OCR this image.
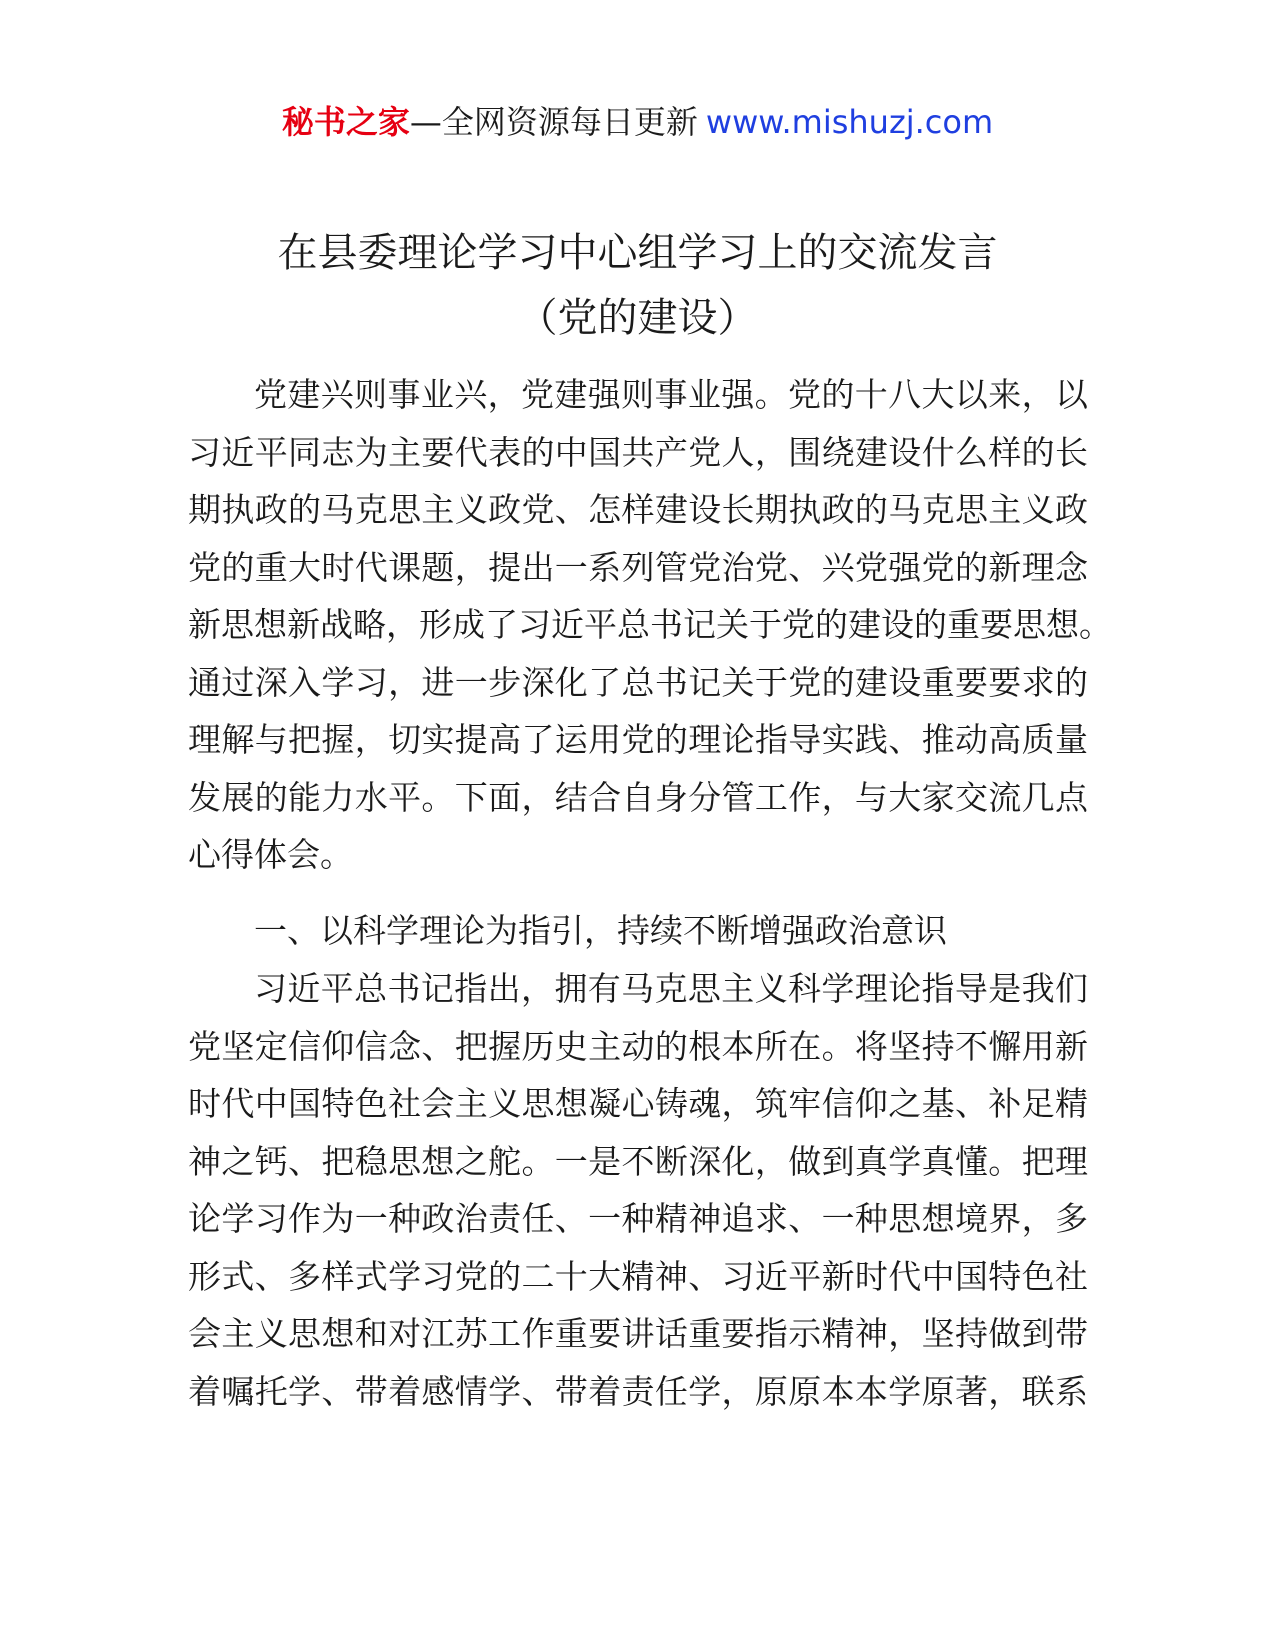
秘书之家—全网资源每日更新 www.mishuzj.com
在县委理论学习中心组学习上的交流发言
（党的建设）
党建兴则事业兴，党建强则事业强。党的十八大以来，以
习近平同志为主要代表的中国共产党人，围绕建设什么样的长
期执政的马克思主义政党、怎样建设长期执政的马克思主义政
党的重大时代课题，提出一系列管党治党、兴党强党的新理念
新思想新战略，形成了习近平总书记关于党的建设的重要思想。
通过深入学习，进一步深化了总书记关于党的建设重要要求的
理解与把握，切实提高了运用党的理论指导实践、推动高质量
发展的能力水平。下面，结合自身分管工作，与大家交流几点
心得体会。
一、以科学理论为指引，持续不断增强政治意识
习近平总书记指出，拥有马克思主义科学理论指导是我们
党坚定信仰信念、把握历史主动的根本所在。将坚持不懈用新
时代中国特色社会主义思想凝心铸魂，筑牢信仰之基、补足精
神之钙、把稳思想之舵。一是不断深化，做到真学真懂。把理
论学习作为一种政治责任、一种精神追求、一种思想境界，多
形式、多样式学习党的二十大精神、习近平新时代中国特色社
会主义思想和对江苏工作重要讲话重要指示精神，坚持做到带
着嘱托学、带着感情学、带着责任学，原原本本学原著，联系
